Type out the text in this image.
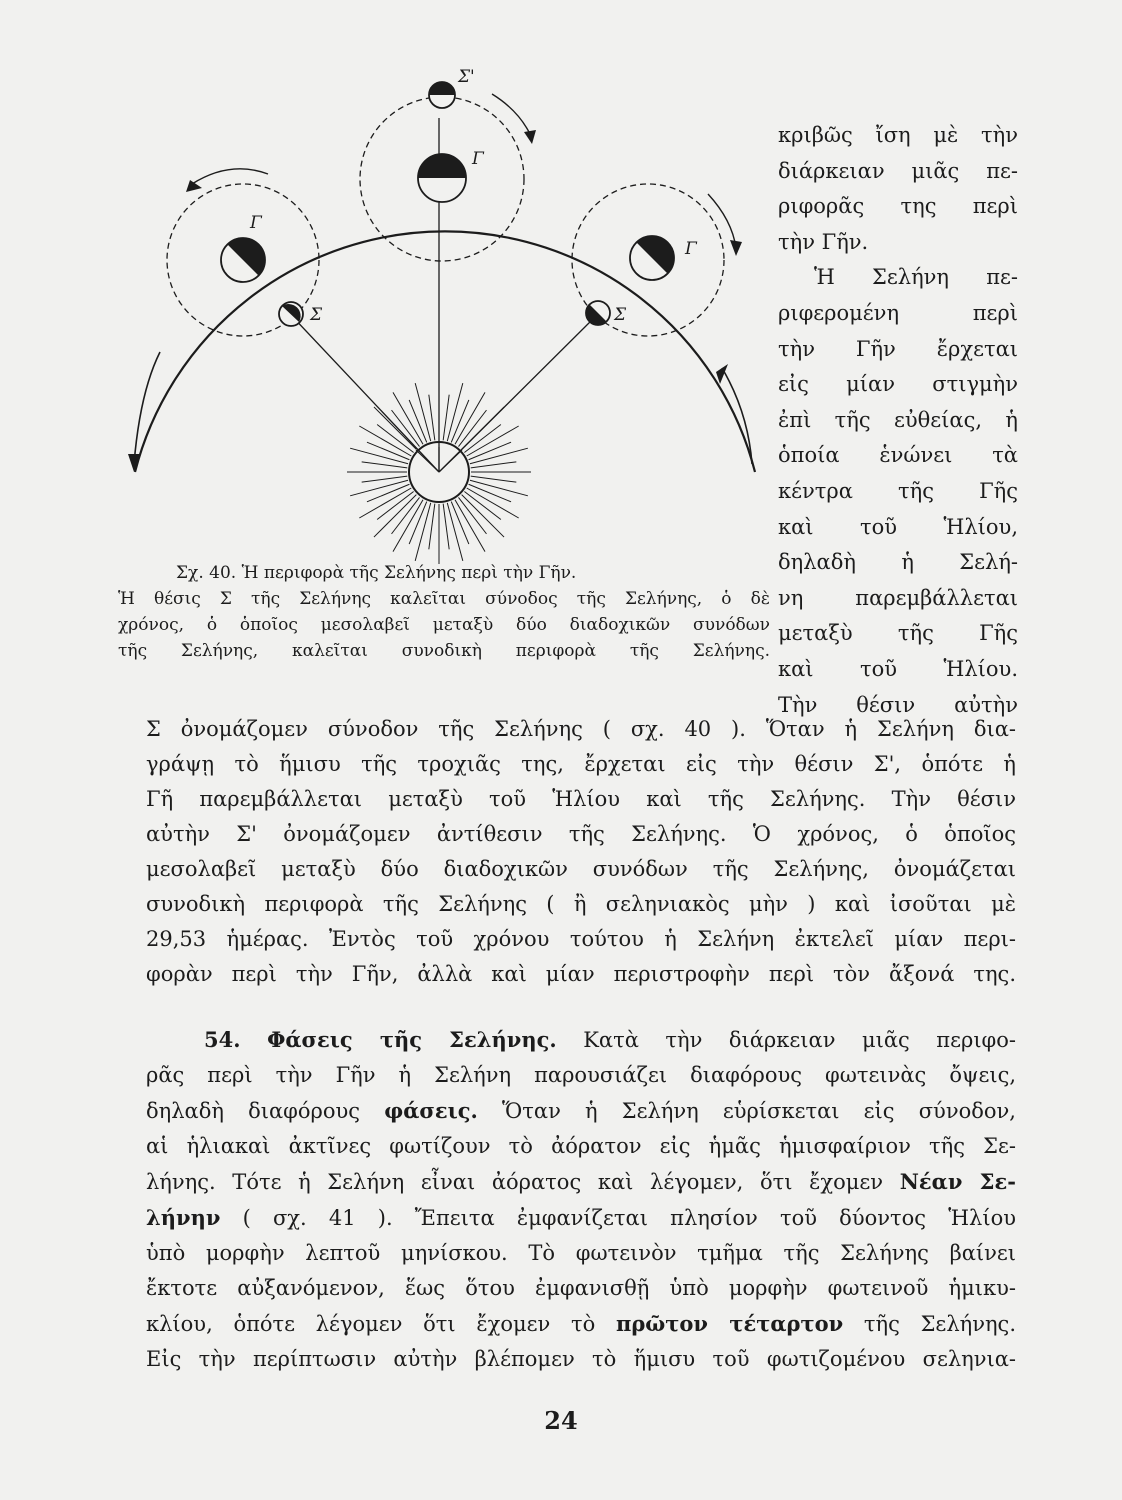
Σ'
Γ
Γ
Σ
Γ
Σ
Σχ. 40. Ἡ περιφορὰ τῆς Σελήνης περὶ τὴν Γῆν.
Ἡ θέσις Σ τῆς Σελήνης καλεῖται σύνοδος τῆς Σελήνης, ὁ δὲ
χρόνος, ὁ ὁποῖος μεσολαβεῖ μεταξὺ δύο διαδοχικῶν συνόδων
τῆς Σελήνης, καλεῖται συνοδικὴ περιφορὰ τῆς Σελήνης.
κριβῶς ἴση μὲ τὴν
διάρκειαν μιᾶς πε-
ριφορᾶς της περὶ
τὴν Γῆν.
Ἡ Σελήνη πε-
ριφερομένη περὶ
τὴν Γῆν ἔρχεται
εἰς μίαν στιγμὴν
ἐπὶ τῆς εὐθείας, ἡ
ὁποία ἑνώνει τὰ
κέντρα τῆς Γῆς
καὶ τοῦ Ἡλίου,
δηλαδὴ ἡ Σελή-
νη παρεμβάλλεται
μεταξὺ τῆς Γῆς
καὶ τοῦ Ἡλίου.
Τὴν θέσιν αὐτὴν
Σ ὀνομάζομεν σύνοδον τῆς Σελήνης ( σχ. 40 ). Ὅταν ἡ Σελήνη δια-
γράψῃ τὸ ἥμισυ τῆς τροχιᾶς της, ἔρχεται εἰς τὴν θέσιν Σ', ὁπότε ἡ
Γῆ παρεμβάλλεται μεταξὺ τοῦ Ἡλίου καὶ τῆς Σελήνης. Τὴν θέσιν
αὐτὴν Σ' ὀνομάζομεν ἀντίθεσιν τῆς Σελήνης. Ὁ χρόνος, ὁ ὁποῖος
μεσολαβεῖ μεταξὺ δύο διαδοχικῶν συνόδων τῆς Σελήνης, ὀνομάζεται
συνοδικὴ περιφορὰ τῆς Σελήνης ( ἢ σεληνιακὸς μὴν ) καὶ ἰσοῦται μὲ
29,53 ἡμέρας. Ἐντὸς τοῦ χρόνου τούτου ἡ Σελήνη ἐκτελεῖ μίαν περι-
φορὰν περὶ τὴν Γῆν, ἀλλὰ καὶ μίαν περιστροφὴν περὶ τὸν ἄξονά της.
54. Φάσεις τῆς Σελήνης. Κατὰ τὴν διάρκειαν μιᾶς περιφο-
ρᾶς περὶ τὴν Γῆν ἡ Σελήνη παρουσιάζει διαφόρους φωτεινὰς ὄψεις,
δηλαδὴ διαφόρους φάσεις. Ὅταν ἡ Σελήνη εὑρίσκεται εἰς σύνοδον,
αἱ ἡλιακαὶ ἀκτῖνες φωτίζουν τὸ ἀόρατον εἰς ἡμᾶς ἡμισφαίριον τῆς Σε-
λήνης. Τότε ἡ Σελήνη εἶναι ἀόρατος καὶ λέγομεν, ὅτι ἔχομεν Νέαν Σε-
λήνην ( σχ. 41 ). Ἔπειτα ἐμφανίζεται πλησίον τοῦ δύοντος Ἡλίου
ὑπὸ μορφὴν λεπτοῦ μηνίσκου. Τὸ φωτεινὸν τμῆμα τῆς Σελήνης βαίνει
ἔκτοτε αὐξανόμενον, ἕως ὅτου ἐμφανισθῇ ὑπὸ μορφὴν φωτεινοῦ ἡμικυ-
κλίου, ὁπότε λέγομεν ὅτι ἔχομεν τὸ πρῶτον τέταρτον τῆς Σελήνης.
Εἰς τὴν περίπτωσιν αὐτὴν βλέπομεν τὸ ἥμισυ τοῦ φωτιζομένου σεληνια-
24
